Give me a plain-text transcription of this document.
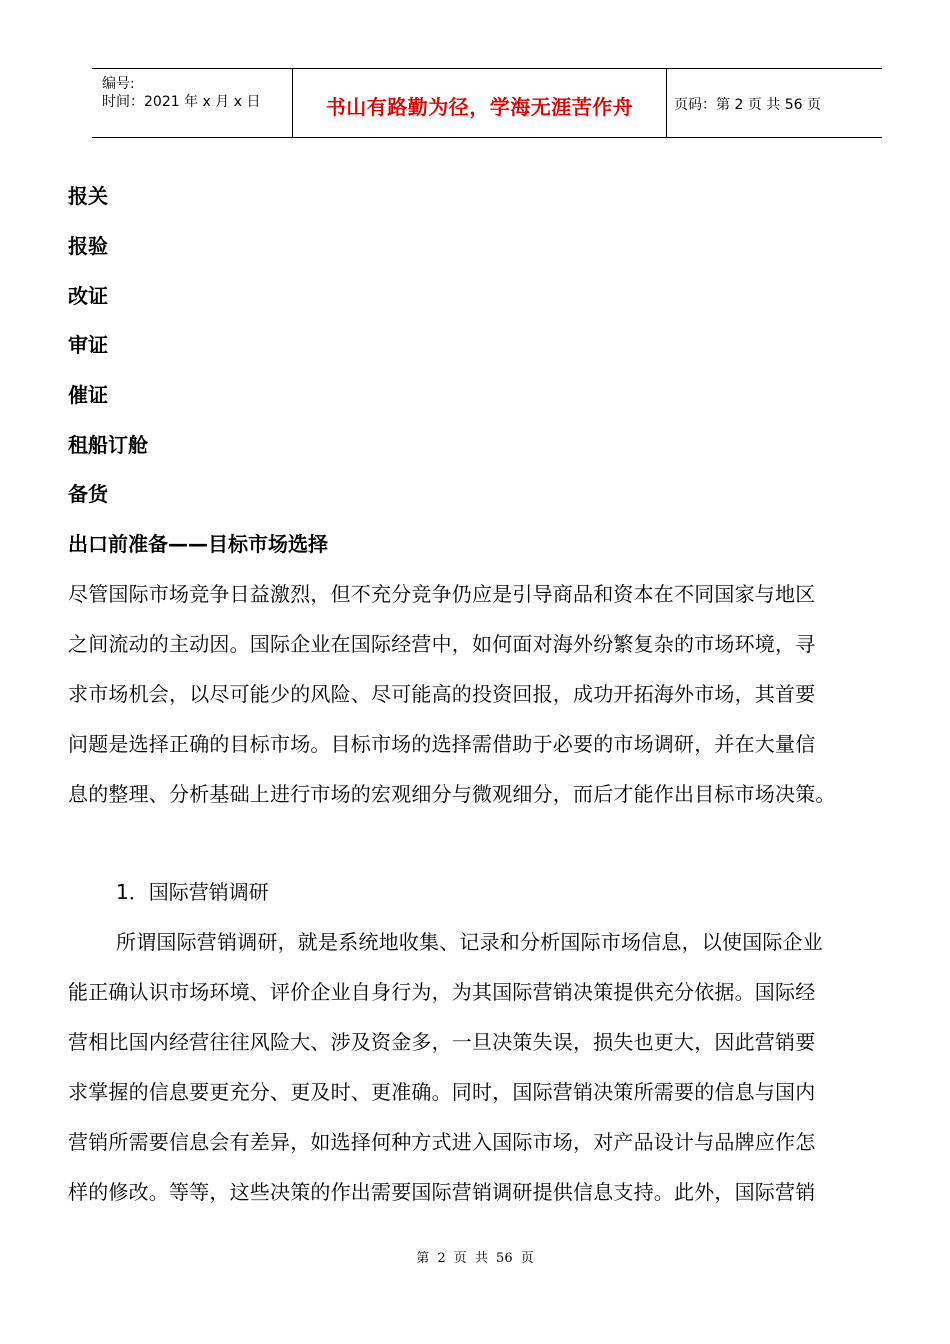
编号:
时间：2021 年 x 月 x 日	书山有路勤为径，学海无涯苦作舟	页码：第 2 页 共 56 页
报关
报验
改证
审证
催证
租船订舱
备货
出口前准备——目标市场选择
尽管国际市场竞争日益激烈，但不充分竞争仍应是引导商品和资本在不同国家与地区
之间流动的主动因。国际企业在国际经营中，如何面对海外纷繁复杂的市场环境，寻
求市场机会，以尽可能少的风险、尽可能高的投资回报，成功开拓海外市场，其首要
问题是选择正确的目标市场。目标市场的选择需借助于必要的市场调研，并在大量信
息的整理、分析基础上进行市场的宏观细分与微观细分，而后才能作出目标市场决策。
1．国际营销调研
所谓国际营销调研，就是系统地收集、记录和分析国际市场信息，以使国际企业
能正确认识市场环境、评价企业自身行为，为其国际营销决策提供充分依据。国际经
营相比国内经营往往风险大、涉及资金多，一旦决策失误，损失也更大，因此营销要
求掌握的信息要更充分、更及时、更准确。同时，国际营销决策所需要的信息与国内
营销所需要信息会有差异，如选择何种方式进入国际市场，对产品设计与品牌应作怎
样的修改。等等，这些决策的作出需要国际营销调研提供信息支持。此外，国际营销
第 2 页 共 56 页
